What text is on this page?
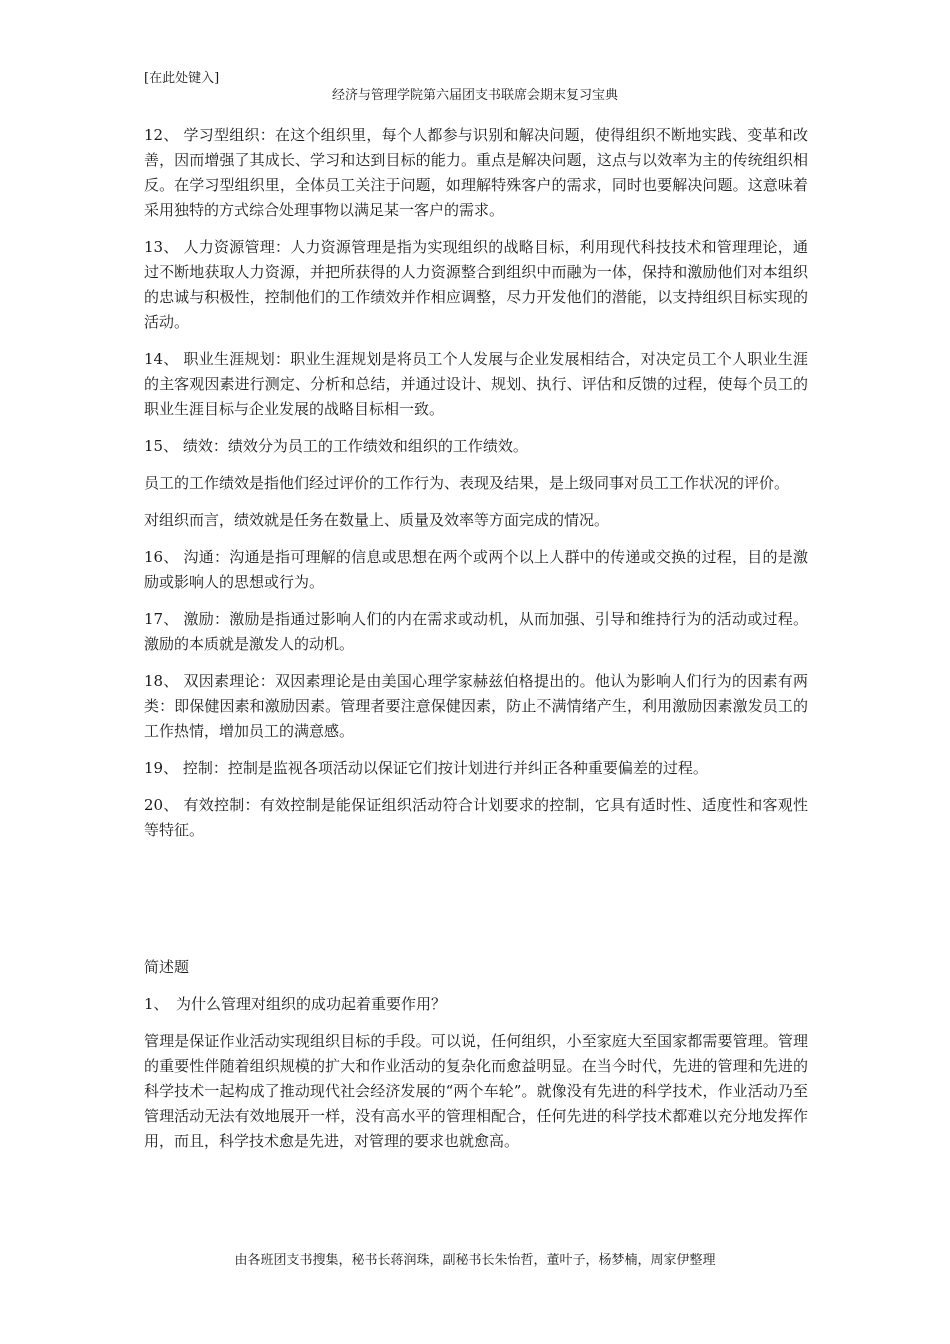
[在此处键入]
经济与管理学院第六届团支书联席会期末复习宝典

12、 学习型组织：在这个组织里，每个人都参与识别和解决问题，使得组织不断地实践、变革和改善，因而增强了其成长、学习和达到目标的能力。重点是解决问题，这点与以效率为主的传统组织相反。在学习型组织里，全体员工关注于问题，如理解特殊客户的需求，同时也要解决问题。这意味着采用独特的方式综合处理事物以满足某一客户的需求。

13、 人力资源管理：人力资源管理是指为实现组织的战略目标，利用现代科技技术和管理理论，通过不断地获取人力资源，并把所获得的人力资源整合到组织中而融为一体，保持和激励他们对本组织的忠诚与积极性，控制他们的工作绩效并作相应调整，尽力开发他们的潜能，以支持组织目标实现的活动。

14、 职业生涯规划：职业生涯规划是将员工个人发展与企业发展相结合，对决定员工个人职业生涯的主客观因素进行测定、分析和总结，并通过设计、规划、执行、评估和反馈的过程，使每个员工的职业生涯目标与企业发展的战略目标相一致。

15、 绩效：绩效分为员工的工作绩效和组织的工作绩效。

员工的工作绩效是指他们经过评价的工作行为、表现及结果，是上级同事对员工工作状况的评价。

对组织而言，绩效就是任务在数量上、质量及效率等方面完成的情况。

16、 沟通：沟通是指可理解的信息或思想在两个或两个以上人群中的传递或交换的过程，目的是激励或影响人的思想或行为。

17、 激励：激励是指通过影响人们的内在需求或动机，从而加强、引导和维持行为的活动或过程。激励的本质就是激发人的动机。

18、 双因素理论：双因素理论是由美国心理学家赫兹伯格提出的。他认为影响人们行为的因素有两类：即保健因素和激励因素。管理者要注意保健因素，防止不满情绪产生，利用激励因素激发员工的工作热情，增加员工的满意感。

19、 控制：控制是监视各项活动以保证它们按计划进行并纠正各种重要偏差的过程。

20、 有效控制：有效控制是能保证组织活动符合计划要求的控制，它具有适时性、适度性和客观性等特征。

简述题

1、　为什么管理对组织的成功起着重要作用？

管理是保证作业活动实现组织目标的手段。可以说，任何组织，小至家庭大至国家都需要管理。管理的重要性伴随着组织规模的扩大和作业活动的复杂化而愈益明显。在当今时代，先进的管理和先进的科学技术一起构成了推动现代社会经济发展的“两个车轮”。就像没有先进的科学技术，作业活动乃至管理活动无法有效地展开一样，没有高水平的管理相配合，任何先进的科学技术都难以充分地发挥作用，而且，科学技术愈是先进，对管理的要求也就愈高。

由各班团支书搜集，秘书长蒋润珠，副秘书长朱怡哲，董叶子，杨梦楠，周家伊整理
